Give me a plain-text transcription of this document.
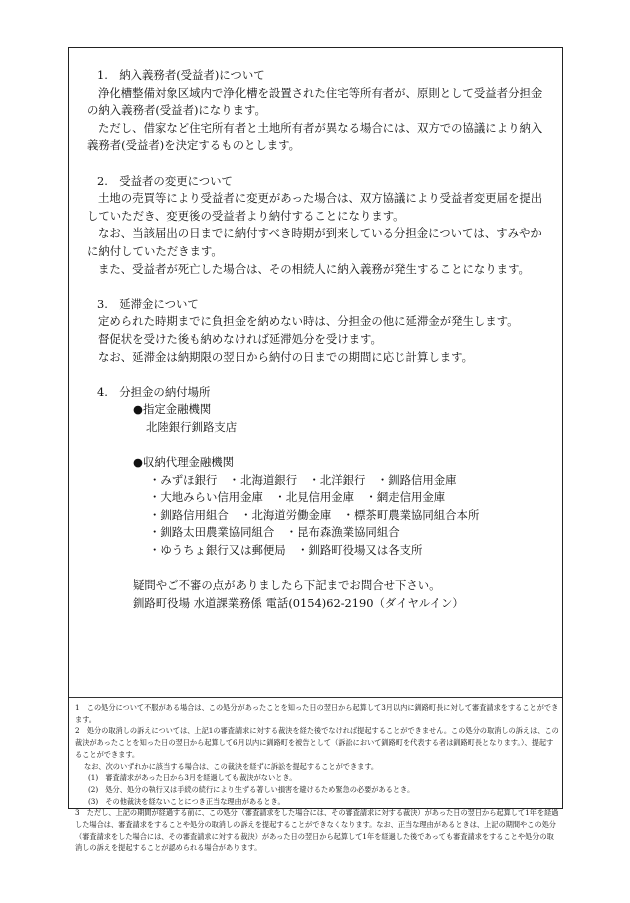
1.　納入義務者(受益者)について
浄化槽整備対象区域内で浄化槽を設置された住宅等所有者が、原則として受益者分担金の納入義務者(受益者)になります。
ただし、借家など住宅所有者と土地所有者が異なる場合には、双方での協議により納入義務者(受益者)を決定するものとします。
2.　受益者の変更について
土地の売買等により受益者に変更があった場合は、双方協議により受益者変更届を提出していただき、変更後の受益者より納付することになります。
なお、当該届出の日までに納付すべき時期が到来している分担金については、すみやかに納付していただきます。
また、受益者が死亡した場合は、その相続人に納入義務が発生することになります。
3.　延滞金について
定められた時期までに負担金を納めない時は、分担金の他に延滞金が発生します。
督促状を受けた後も納めなければ延滞処分を受けます。
なお、延滞金は納期限の翌日から納付の日までの期間に応じ計算します。
4.　分担金の納付場所
●指定金融機関
北陸銀行釧路支店
●収納代理金融機関
・みずほ銀行　・北海道銀行　・北洋銀行　・釧路信用金庫
・大地みらい信用金庫　・北見信用金庫　・網走信用金庫
・釧路信用組合　・北海道労働金庫　・標茶町農業協同組合本所
・釧路太田農業協同組合　・昆布森漁業協同組合
・ゆうちょ銀行又は郵便局　・釧路町役場又は各支所
疑問やご不審の点がありましたら下記までお問合せ下さい。
釧路町役場 水道課業務係 電話(0154)62-2190（ダイヤルイン）
1　この処分について不服がある場合は、この処分があったことを知った日の翌日から起算して3月以内に釧路町長に対して審査請求をすることができます。
2　処分の取消しの訴えについては、上記1の審査請求に対する裁決を経た後でなければ提起することができません。この処分の取消しの訴えは、この裁決があったことを知った日の翌日から起算して6月以内に釧路町を被告として（訴訟において釧路町を代表する者は釧路町長となります。）、提起することができます。
なお、次のいずれかに該当する場合は、この裁決を経ずに訴訟を提起することができます。
(1)　審査請求があった日から3月を経過しても裁決がないとき。
(2)　処分、処分の執行又は手続の続行により生ずる著しい損害を避けるため緊急の必要があるとき。
(3)　その他裁決を経ないことにつき正当な理由があるとき。
3　ただし、上記の期間が経過する前に、この処分（審査請求をした場合には、その審査請求に対する裁決）があった日の翌日から起算して1年を経過した場合は、審査請求をすることや処分の取消しの訴えを提起することができなくなります。なお、正当な理由があるときは、上記の期間やこの処分（審査請求をした場合には、その審査請求に対する裁決）があった日の翌日から起算して1年を経過した後であっても審査請求をすることや処分の取消しの訴えを提起することが認められる場合があります。
